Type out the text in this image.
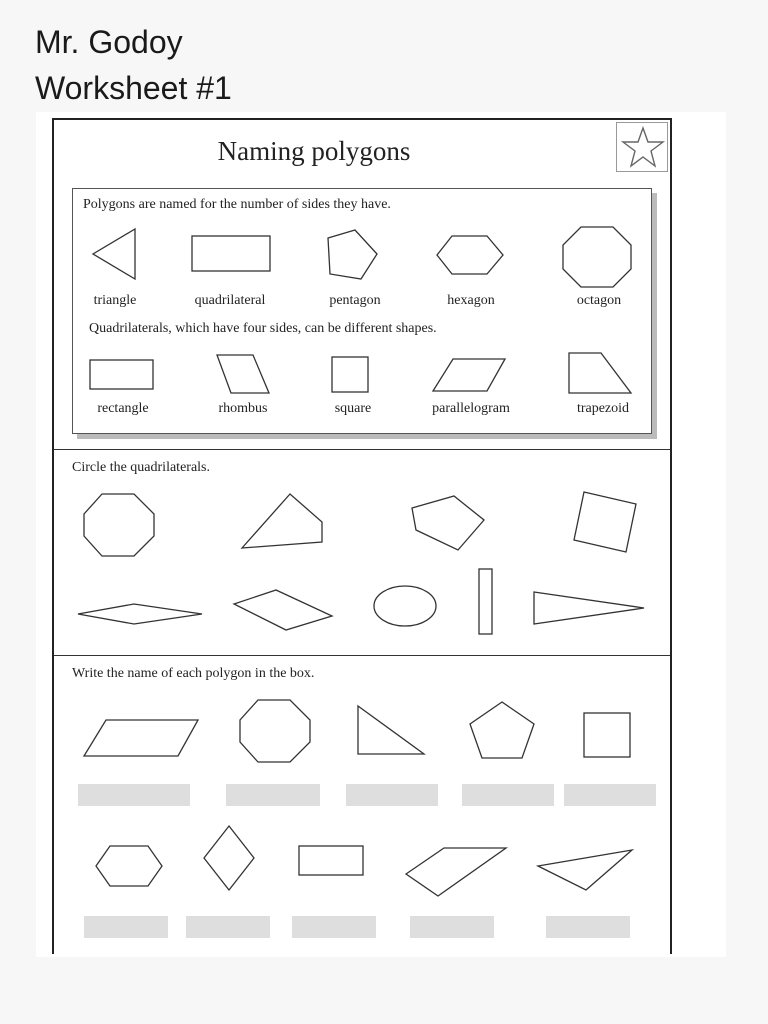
Mr. Godoy
Worksheet #1
Naming polygons
Polygons are named for the number of sides they have.
triangle	quadrilateral	pentagon	hexagon	octagon
Quadrilaterals, which have four sides, can be different shapes.
rectangle	rhombus	square	parallelogram	trapezoid
Circle the quadrilaterals.
Write the name of each polygon in the box.
